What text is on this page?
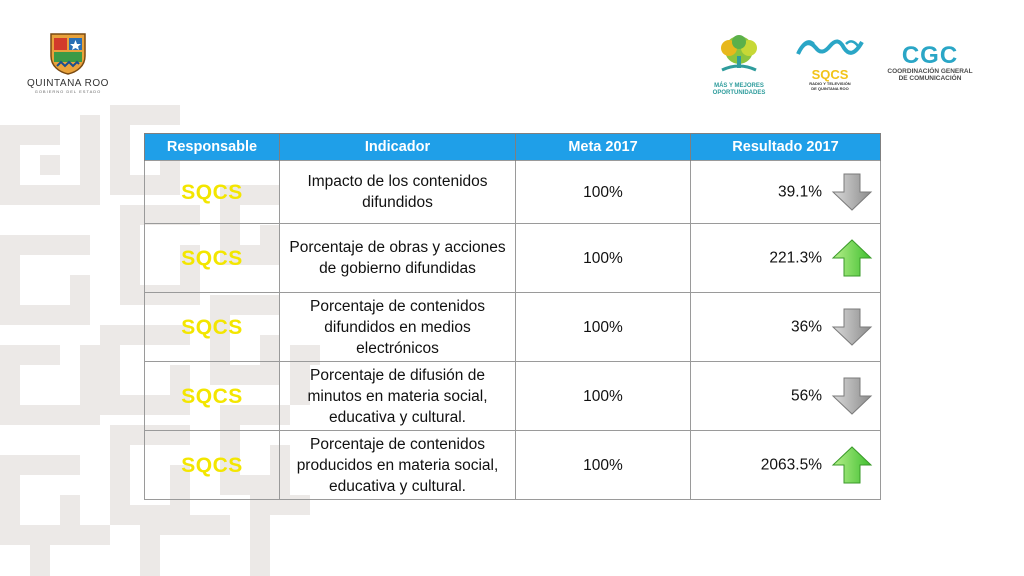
QUINTANA ROO
GOBIERNO DEL ESTADO
MÁS Y MEJORES
OPORTUNIDADES
SQCS
RADIO Y TELEVISIÓN
DE QUINTANA ROO
CGC
COORDINACIÓN GENERAL
DE COMUNICACIÓN
Responsable	Indicador	Meta 2017	Resultado 2017
SQCS	Impacto de los contenidos difundidos	100%	39.1%

SQCS	Porcentaje de obras y acciones de gobierno difundidas	100%	221.3%

SQCS	Porcentaje de contenidos difundidos en medios electrónicos	100%	36%

SQCS	Porcentaje de difusión de minutos en materia social, educativa y cultural.	100%	56%

SQCS	Porcentaje de contenidos producidos en materia social, educativa y cultural.	100%	2063.5%
